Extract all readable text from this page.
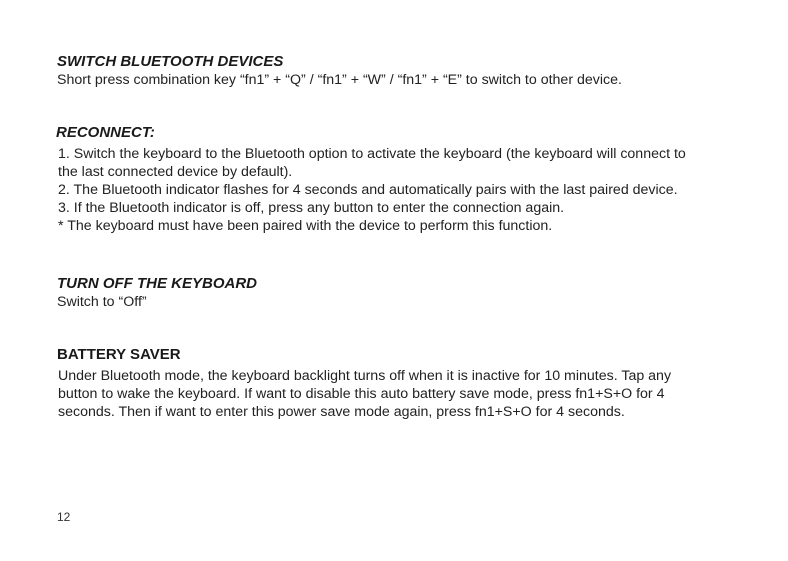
SWITCH BLUETOOTH DEVICES
Short press combination key “fn1” + “Q” / “fn1” + “W” / “fn1” + “E” to switch to other device.
RECONNECT:
1. Switch the keyboard to the Bluetooth option to activate the keyboard (the keyboard will connect to
the last connected device by default).
2. The Bluetooth indicator flashes for 4 seconds and automatically pairs with the last paired device.
3. If the Bluetooth indicator is off, press any button to enter the connection again.
* The keyboard must have been paired with the device to perform this function.
TURN OFF THE KEYBOARD
Switch to “Off”
BATTERY SAVER
Under Bluetooth mode, the keyboard backlight turns off when it is inactive for 10 minutes. Tap any
button to wake the keyboard. If want to disable this auto battery save mode, press fn1+S+O for 4
seconds. Then if want to enter this power save mode again, press fn1+S+O for 4 seconds.
12
